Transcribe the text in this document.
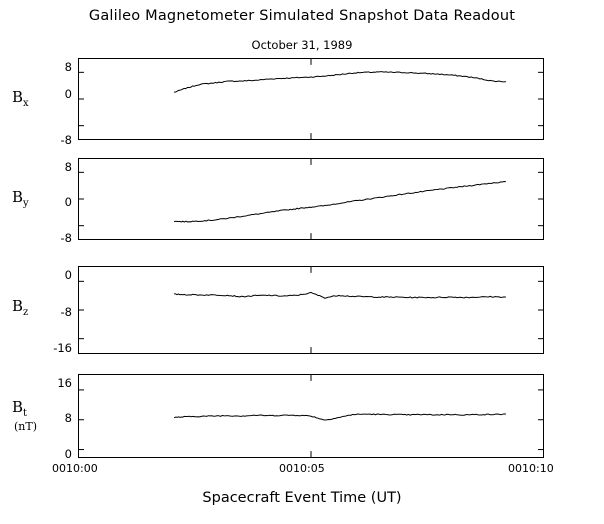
Galileo Magnetometer Simulated Snapshot Data Readout
October 31, 1989
$B_x$
8
0
-8
$B_y$
8
0
-8
$B_z$
0
-8
-16
$B_t$
(nT)
16
8
0
0010:00	0010:05	0010:10
Spacecraft Event Time (UT)
